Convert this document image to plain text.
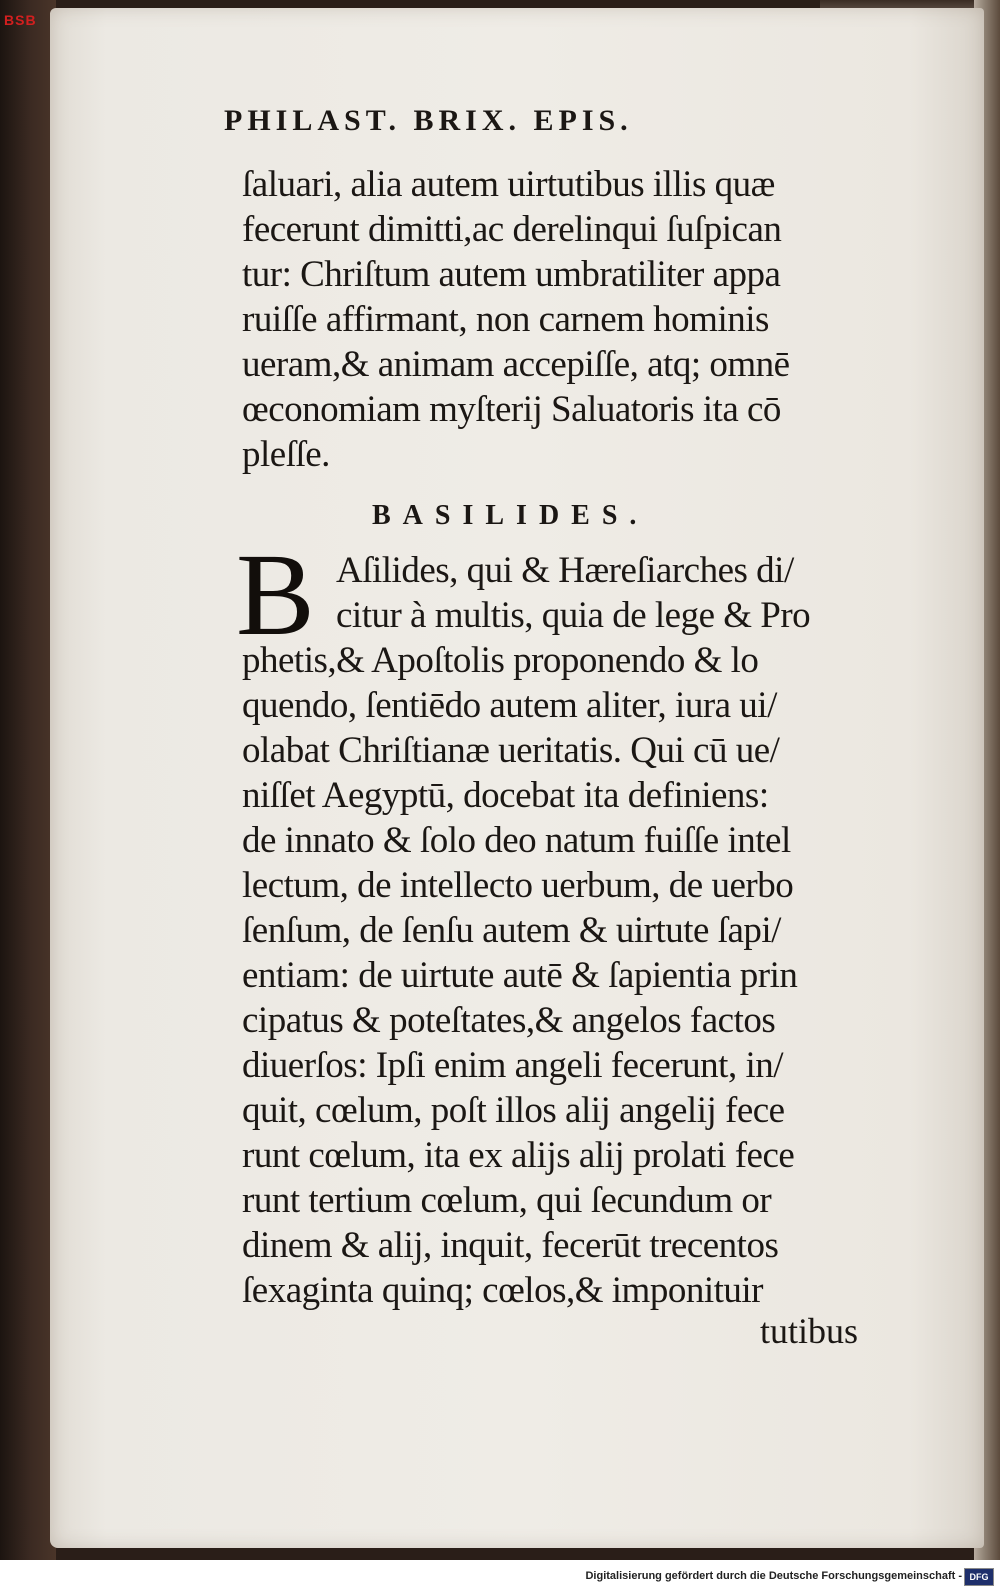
BSB
PHILAST. BRIX. EPIS.
ſaluari, alia autem uirtutibus illis quæ
fecerunt dimitti,ac derelinqui ſuſpican
tur: Chriſtum autem umbratiliter appa
ruiſſe affirmant, non carnem hominis
ueram,& animam accepiſſe, atq; omnē
œconomiam myſterij Saluatoris ita cō
pleſſe.
BASILIDES.
B Aſilides, qui & Hæreſiarches di/
citur à multis, quia de lege & Pro
phetis,& Apoſtolis proponendo & lo
quendo, ſentiēdo autem aliter, iura ui/
olabat Chriſtianæ ueritatis. Qui cū ue/
niſſet Aegyptū, docebat ita definiens:
de innato & ſolo deo natum fuiſſe intel
lectum, de intellecto uerbum, de uerbo
ſenſum, de ſenſu autem & uirtute ſapi/
entiam: de uirtute autē & ſapientia prin
cipatus & poteſtates,& angelos factos
diuerſos: Ipſi enim angeli fecerunt, in/
quit, cœlum, poſt illos alij angelij fece
runt cœlum, ita ex alijs alij prolati fece
runt tertium cœlum, qui ſecundum or
dinem & alij, inquit, fecerūt trecentos
ſexaginta quinq; cœlos,& imponituir
tutibus
Digitalisierung gefördert durch die Deutsche Forschungsgemeinschaft - DFG
